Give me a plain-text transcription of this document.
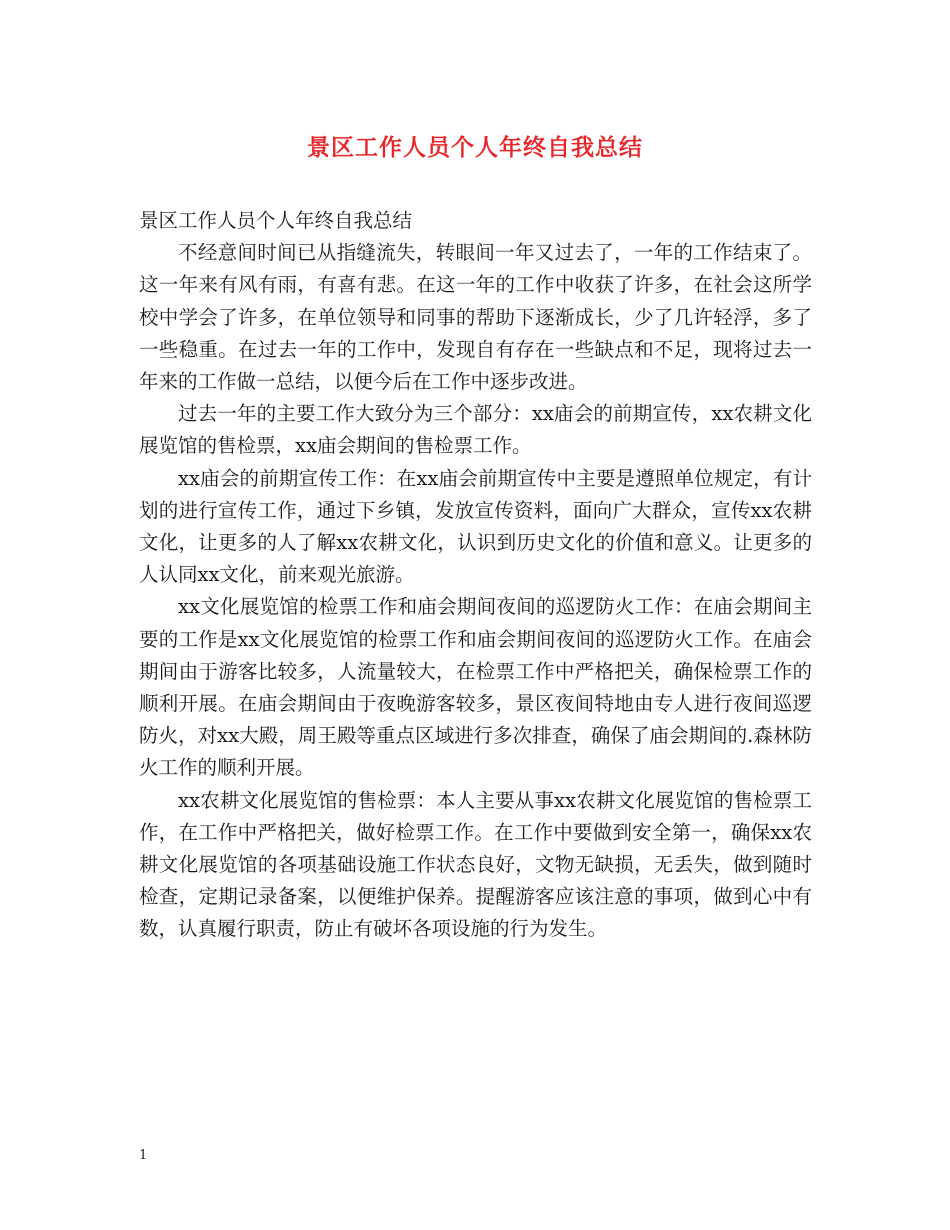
景区工作人员个人年终自我总结

景区工作人员个人年终自我总结

不经意间时间已从指缝流失，转眼间一年又过去了，一年的工作结束了。这一年来有风有雨，有喜有悲。在这一年的工作中收获了许多，在社会这所学校中学会了许多，在单位领导和同事的帮助下逐渐成长，少了几许轻浮，多了一些稳重。在过去一年的工作中，发现自有存在一些缺点和不足，现将过去一年来的工作做一总结，以便今后在工作中逐步改进。

过去一年的主要工作大致分为三个部分：xx庙会的前期宣传，xx农耕文化展览馆的售检票，xx庙会期间的售检票工作。

xx庙会的前期宣传工作：在xx庙会前期宣传中主要是遵照单位规定，有计划的进行宣传工作，通过下乡镇，发放宣传资料，面向广大群众，宣传xx农耕文化，让更多的人了解xx农耕文化，认识到历史文化的价值和意义。让更多的人认同xx文化，前来观光旅游。

xx文化展览馆的检票工作和庙会期间夜间的巡逻防火工作：在庙会期间主要的工作是xx文化展览馆的检票工作和庙会期间夜间的巡逻防火工作。在庙会期间由于游客比较多，人流量较大，在检票工作中严格把关，确保检票工作的顺利开展。在庙会期间由于夜晚游客较多，景区夜间特地由专人进行夜间巡逻防火，对xx大殿，周王殿等重点区域进行多次排查，确保了庙会期间的.森林防火工作的顺利开展。

xx农耕文化展览馆的售检票：本人主要从事xx农耕文化展览馆的售检票工作，在工作中严格把关，做好检票工作。在工作中要做到安全第一，确保xx农耕文化展览馆的各项基础设施工作状态良好，文物无缺损，无丢失，做到随时检查，定期记录备案，以便维护保养。提醒游客应该注意的事项，做到心中有数，认真履行职责，防止有破坏各项设施的行为发生。

1
